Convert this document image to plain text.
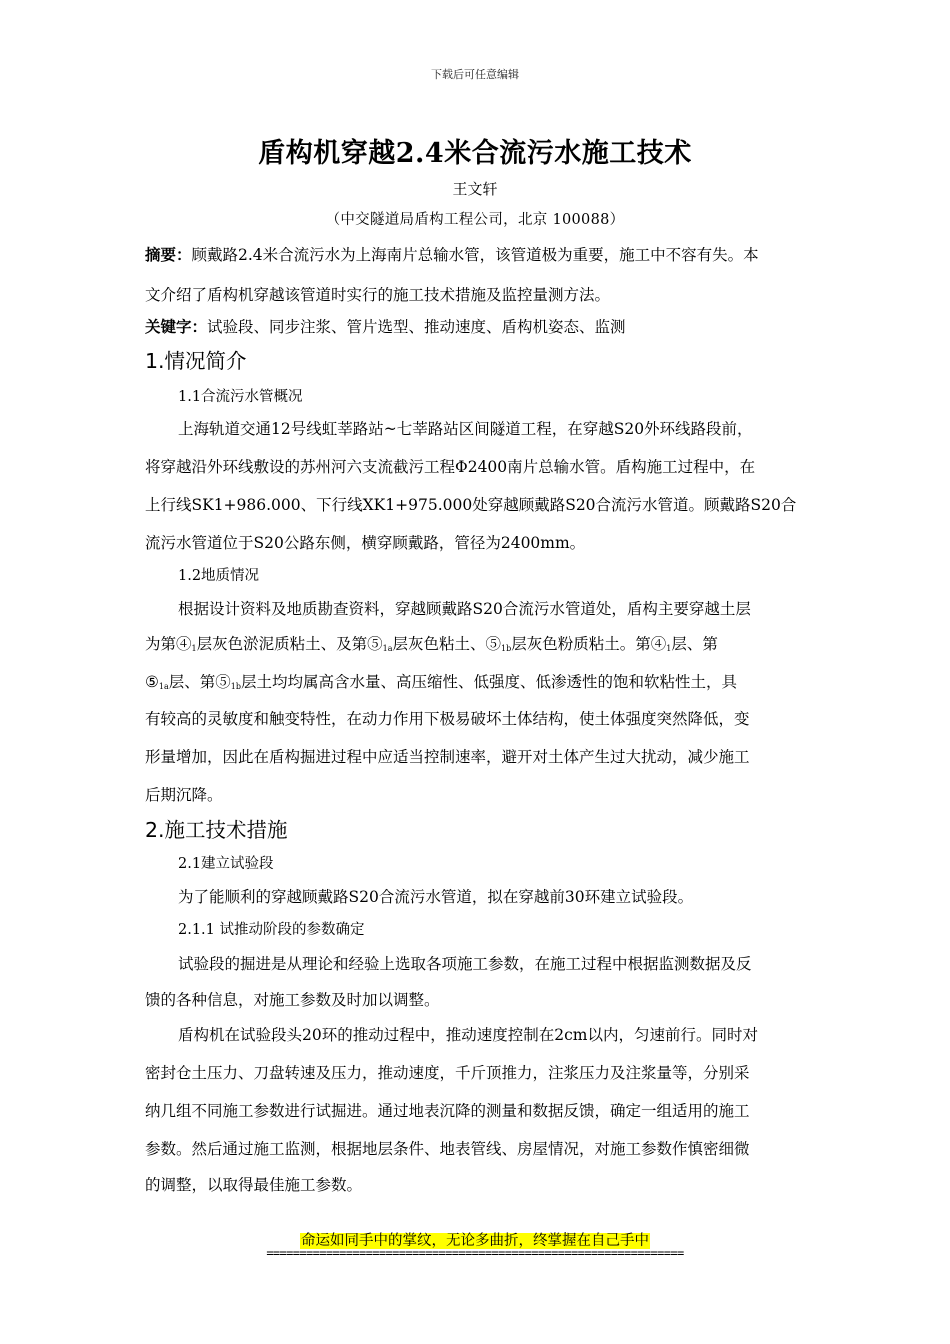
下载后可任意编辑
盾构机穿越2.4米合流污水施工技术
王文轩
（中交隧道局盾构工程公司，北京 100088）
摘要：顾戴路2.4米合流污水为上海南片总输水管，该管道极为重要，施工中不容有失。本
文介绍了盾构机穿越该管道时实行的施工技术措施及监控量测方法。
关键字：试验段、同步注浆、管片选型、推动速度、盾构机姿态、监测
1.情况简介
1.1合流污水管概况
上海轨道交通12号线虹莘路站~七莘路站区间隧道工程，在穿越S20外环线路段前，
将穿越沿外环线敷设的苏州河六支流截污工程Φ2400南片总输水管。盾构施工过程中，在
上行线SK1+986.000、下行线XK1+975.000处穿越顾戴路S20合流污水管道。顾戴路S20合
流污水管道位于S20公路东侧，横穿顾戴路，管径为2400mm。
1.2地质情况
根据设计资料及地质勘查资料，穿越顾戴路S20合流污水管道处，盾构主要穿越土层
为第$④_1$层灰色淤泥质粘土、及第$⑤_{1a}$层灰色粘土、$⑤_{1b}$层灰色粉质粘土。第$④_1$层、第
$⑤_{1a}$层、第$⑤_{1b}$层土均均属高含水量、高压缩性、低强度、低渗透性的饱和软粘性土，具
有较高的灵敏度和触变特性，在动力作用下极易破坏土体结构，使土体强度突然降低，变
形量增加，因此在盾构掘进过程中应适当控制速率，避开对土体产生过大扰动，减少施工
后期沉降。
2.施工技术措施
2.1建立试验段
为了能顺利的穿越顾戴路S20合流污水管道，拟在穿越前30环建立试验段。
2.1.1 试推动阶段的参数确定
试验段的掘进是从理论和经验上选取各项施工参数，在施工过程中根据监测数据及反
馈的各种信息，对施工参数及时加以调整。
盾构机在试验段头20环的推动过程中，推动速度控制在2cm以内，匀速前行。同时对
密封仓土压力、刀盘转速及压力，推动速度，千斤顶推力，注浆压力及注浆量等，分别采
纳几组不同施工参数进行试掘进。通过地表沉降的测量和数据反馈，确定一组适用的施工
参数。然后通过施工监测，根据地层条件、地表管线、房屋情况，对施工参数作慎密细微
的调整，以取得最佳施工参数。
命运如同手中的掌纹，无论多曲折，终掌握在自己手中
===============================================================
